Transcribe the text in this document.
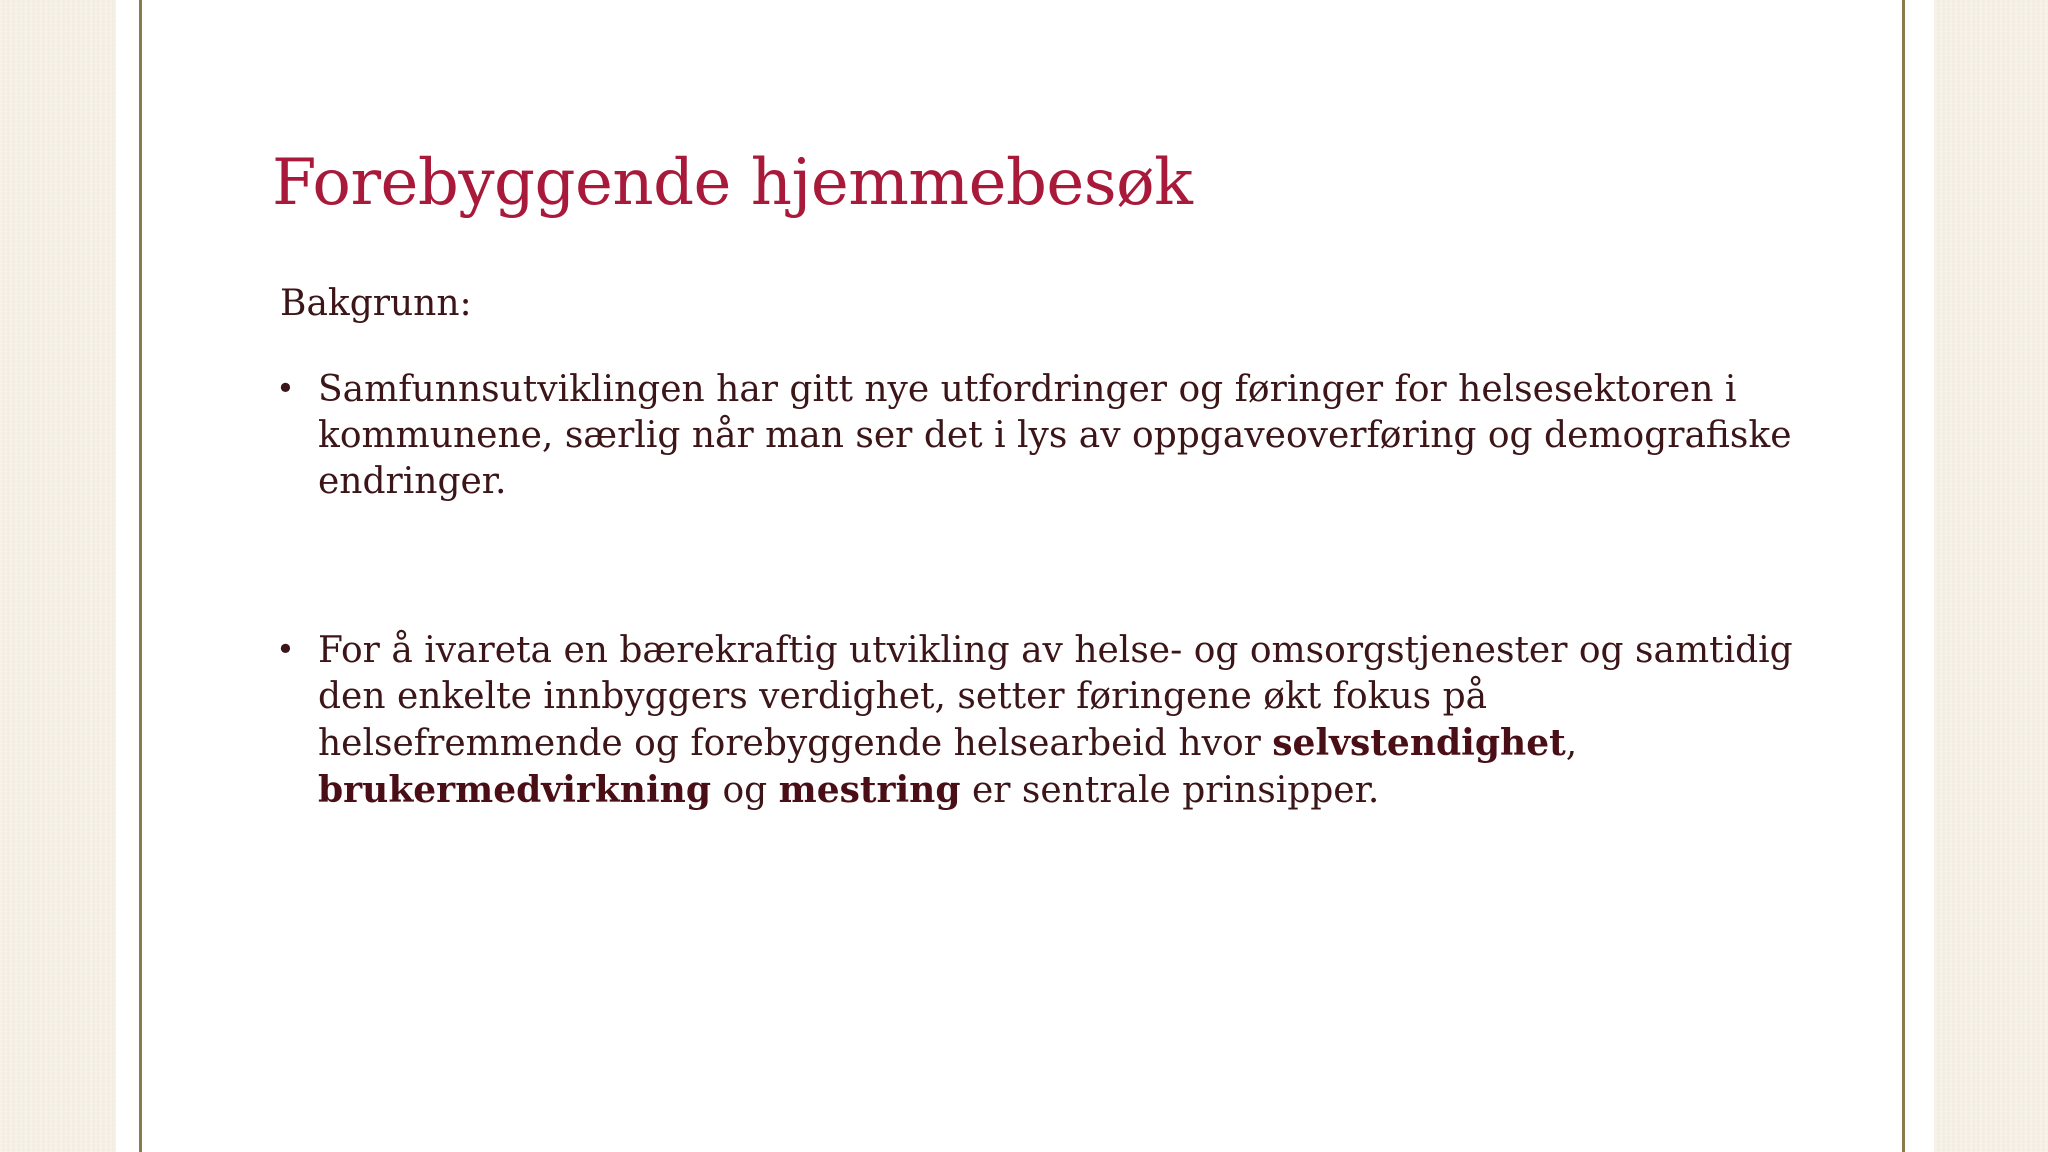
Forebyggende hjemmebesøk
Bakgrunn:
• Samfunnsutviklingen har gitt nye utfordringer og føringer for helsesektoren i kommunene, særlig når man ser det i lys av oppgaveoverføring og demografiske endringer.
• For å ivareta en bærekraftig utvikling av helse- og omsorgstjenester og samtidig den enkelte innbyggers verdighet, setter føringene økt fokus på helsefremmende og forebyggende helsearbeid hvor selvstendighet, brukermedvirkning og mestring er sentrale prinsipper.
